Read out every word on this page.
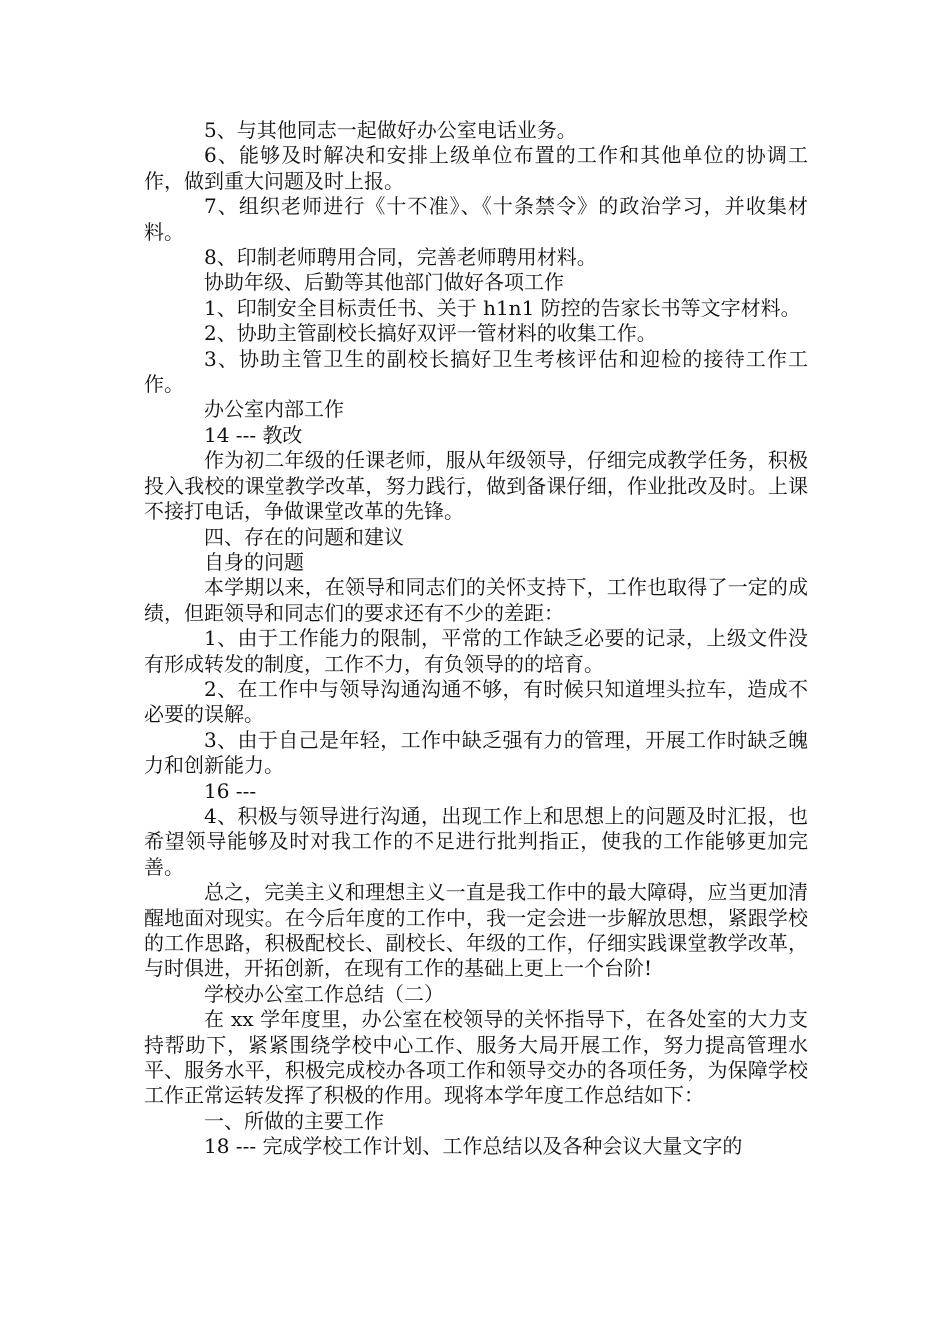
5、与其他同志一起做好办公室电话业务。

6、能够及时解决和安排上级单位布置的工作和其他单位的协调工作，做到重大问题及时上报。

7、组织老师进行《十不准》、《十条禁令》的政治学习，并收集材料。

8、印制老师聘用合同，完善老师聘用材料。

协助年级、后勤等其他部门做好各项工作

1、印制安全目标责任书、关于 h1n1 防控的告家长书等文字材料。

2、协助主管副校长搞好双评一管材料的收集工作。

3、协助主管卫生的副校长搞好卫生考核评估和迎检的接待工作工作。

办公室内部工作

14 --- 教改

作为初二年级的任课老师，服从年级领导，仔细完成教学任务，积极投入我校的课堂教学改革，努力践行，做到备课仔细，作业批改及时。上课不接打电话，争做课堂改革的先锋。

四、存在的问题和建议

自身的问题

本学期以来，在领导和同志们的关怀支持下，工作也取得了一定的成绩，但距领导和同志们的要求还有不少的差距：

1、由于工作能力的限制，平常的工作缺乏必要的记录，上级文件没有形成转发的制度，工作不力，有负领导的的培育。

2、在工作中与领导沟通沟通不够，有时候只知道埋头拉车，造成不必要的误解。

3、由于自己是年轻，工作中缺乏强有力的管理，开展工作时缺乏魄力和创新能力。

16 ---

4、积极与领导进行沟通，出现工作上和思想上的问题及时汇报，也希望领导能够及时对我工作的不足进行批判指正，使我的工作能够更加完善。

总之，完美主义和理想主义一直是我工作中的最大障碍，应当更加清醒地面对现实。在今后年度的工作中，我一定会进一步解放思想，紧跟学校的工作思路，积极配校长、副校长、年级的工作，仔细实践课堂教学改革，与时俱进，开拓创新，在现有工作的基础上更上一个台阶!

学校办公室工作总结（二）

在 xx 学年度里，办公室在校领导的关怀指导下，在各处室的大力支持帮助下，紧紧围绕学校中心工作、服务大局开展工作，努力提高管理水平、服务水平，积极完成校办各项工作和领导交办的各项任务，为保障学校工作正常运转发挥了积极的作用。现将本学年度工作总结如下：

一、所做的主要工作

18 --- 完成学校工作计划、工作总结以及各种会议大量文字的
